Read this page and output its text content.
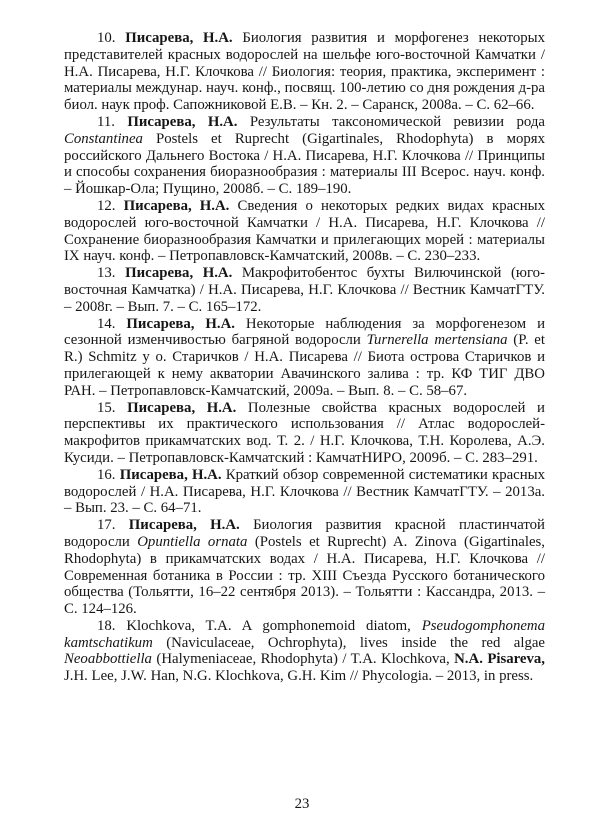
10. Писарева, Н.А. Биология развития и морфогенез некоторых представителей красных водорослей на шельфе юго-восточной Камчатки / Н.А. Писарева, Н.Г. Клочкова // Биология: теория, практика, эксперимент : материалы междунар. науч. конф., посвящ. 100-летию со дня рождения д-ра биол. наук проф. Сапожниковой Е.В. – Кн. 2. – Саранск, 2008а. – С. 62–66.

11. Писарева, Н.А. Результаты таксономической ревизии рода Constantinea Postels et Ruprecht (Gigartinales, Rhodophyta) в морях российского Дальнего Востока / Н.А. Писарева, Н.Г. Клочкова // Принципы и способы сохранения биоразнообразия : материалы III Всерос. науч. конф. – Йошкар-Ола; Пущино, 2008б. – С. 189–190.

12. Писарева, Н.А. Сведения о некоторых редких видах красных водорослей юго-восточной Камчатки / Н.А. Писарева, Н.Г. Клочкова // Сохранение биоразнообразия Камчатки и прилегающих морей : материалы IX науч. конф. – Петропавловск-Камчатский, 2008в. – С. 230–233.

13. Писарева, Н.А. Макрофитобентос бухты Вилючинской (юго-восточная Камчатка) / Н.А. Писарева, Н.Г. Клочкова // Вестник КамчатГТУ. – 2008г. – Вып. 7. – С. 165–172.

14. Писарева, Н.А. Некоторые наблюдения за морфогенезом и сезонной изменчивостью багряной водоросли Turnerella mertensiana (P. et R.) Schmitz у о. Старичков / Н.А. Писарева // Биота острова Старичков и прилегающей к нему акватории Авачинского залива : тр. КФ ТИГ ДВО РАН. – Петропавловск-Камчатский, 2009а. – Вып. 8. – С. 58–67.

15. Писарева, Н.А. Полезные свойства красных водорослей и перспективы их практического использования // Атлас водорослей-макрофитов прикамчатских вод. Т. 2. / Н.Г. Клочкова, Т.Н. Королева, А.Э. Кусиди. – Петропавловск-Камчатский : КамчатНИРО, 2009б. – С. 283–291.

16. Писарева, Н.А. Краткий обзор современной систематики красных водорослей / Н.А. Писарева, Н.Г. Клочкова // Вестник КамчатГТУ. – 2013а. – Вып. 23. – С. 64–71.

17. Писарева, Н.А. Биология развития красной пластинчатой водоросли Opuntiella ornata (Postels et Ruprecht) A. Zinova (Gigartinales, Rhodophyta) в прикамчатских водах / Н.А. Писарева, Н.Г. Клочкова // Современная ботаника в России : тр. XIII Съезда Русского ботанического общества (Тольятти, 16–22 сентября 2013). – Тольятти : Кассандра, 2013. – С. 124–126.

18. Klochkova, T.A. A gomphonemoid diatom, Pseudogomphonema kamtschatikum (Naviculaceae, Ochrophyta), lives inside the red algae Neoabbottiella (Halymeniaceae, Rhodophyta) / T.A. Klochkova, N.A. Pisareva, J.H. Lee, J.W. Han, N.G. Klochkova, G.H. Kim // Phycologia. – 2013, in press.

23
